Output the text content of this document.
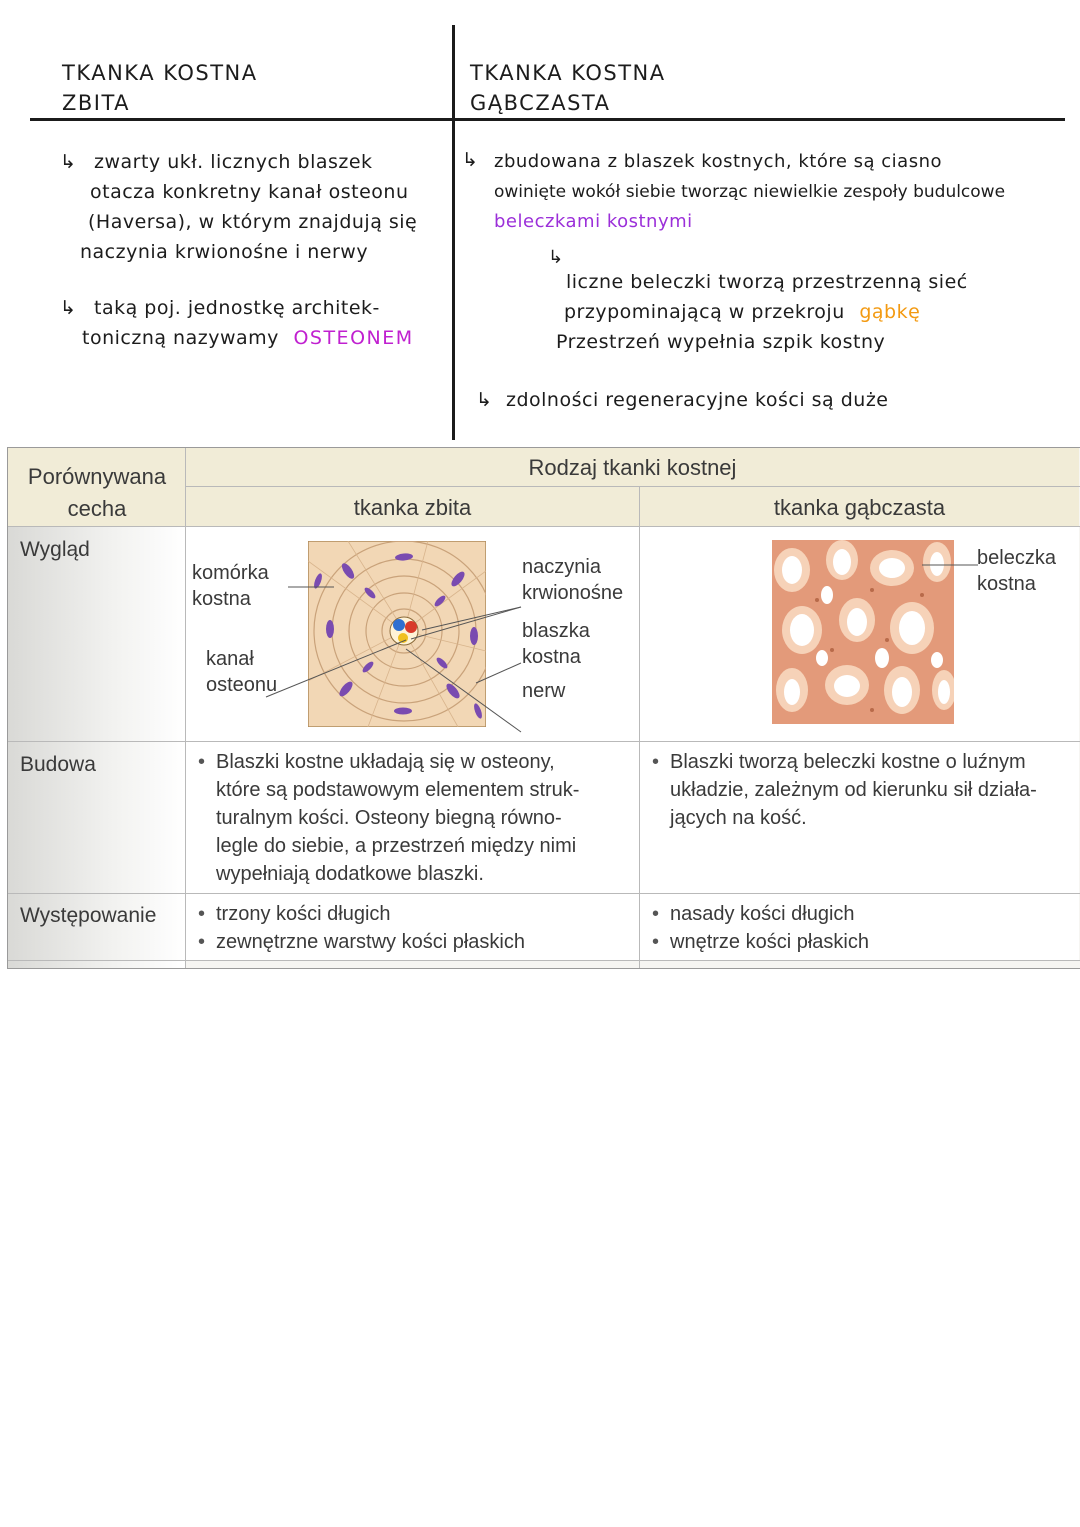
TKANKA KOSTNA
ZBITA
↳ zwarty ukł. licznych blaszek
otacza konkretny kanał osteonu
(Haversa), w którym znajdują się
naczynia krwionośne i nerwy
↳ taką poj. jednostkę architek-
toniczną nazywamy OSTEONEM
TKANKA KOSTNA
GĄBCZASTA
↳ zbudowana z blaszek kostnych, które są ciasno
owinięte wokół siebie tworząc niewielkie zespoły budulcowe
beleczkami kostnymi
↳
liczne beleczki tworzą przestrzenną sieć
przypominającą w przekroju gąbkę
Przestrzeń wypełnia szpik kostny
↳ zdolności regeneracyjne kości są duże
Porównywana cecha
Rodzaj tkanki kostnej
tkanka zbita	tkanka gąbczasta
Wygląd
Budowa
Występowanie
komórka
kostna
kanał
osteonu
naczynia
krwionośne
blaszka
kostna
nerw
beleczka
kostna
• Blaszki kostne układają się w osteony,
które są podstawowym elementem struk-
turalnym kości. Osteony biegną równo-
legle do siebie, a przestrzeń między nimi
wypełniają dodatkowe blaszki.
• Blaszki tworzą beleczki kostne o luźnym
układzie, zależnym od kierunku sił działa-
jących na kość.
• trzony kości długich
• zewnętrzne warstwy kości płaskich
• nasady kości długich
• wnętrze kości płaskich
